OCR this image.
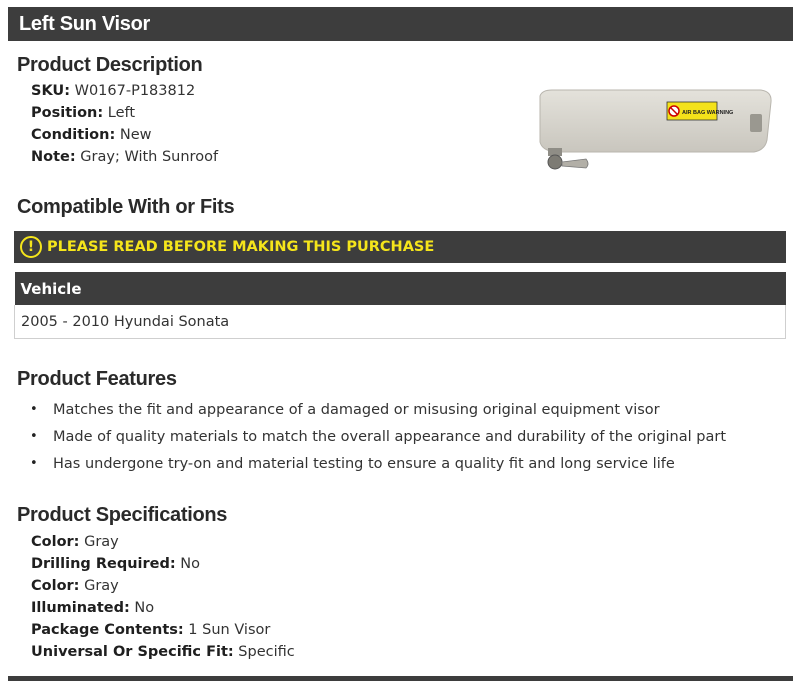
Left Sun Visor
Product Description
SKU: W0167-P183812
Position: Left
Condition: New
Note: Gray; With Sunroof
AIR BAG WARNING
Compatible With or Fits
! PLEASE READ BEFORE MAKING THIS PURCHASE
Vehicle
2005 - 2010 Hyundai Sonata
Product Features
• Matches the fit and appearance of a damaged or misusing original equipment visor
• Made of quality materials to match the overall appearance and durability of the original part
• Has undergone try-on and material testing to ensure a quality fit and long service life
Product Specifications
Color: Gray
Drilling Required: No
Color: Gray
Illuminated: No
Package Contents: 1 Sun Visor
Universal Or Specific Fit: Specific
